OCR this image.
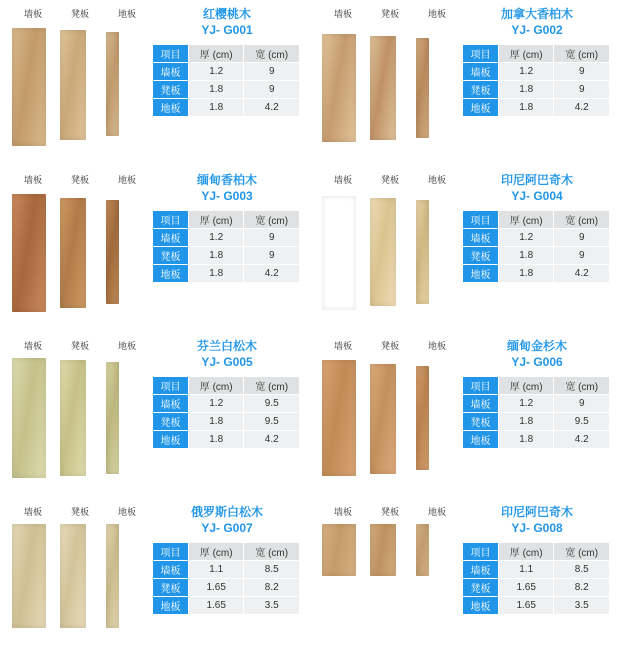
墙板	凳板	地板	红樱桃木
YJ- G001
项目	厚 (cm)	宽 (cm)
墙板	1.2	9
凳板	1.8	9
地板	1.8	4.2
墙板	凳板	地板	加拿大香柏木
YJ- G002
项目	厚 (cm)	宽 (cm)
墙板	1.2	9
凳板	1.8	9
地板	1.8	4.2
墙板	凳板	地板	缅甸香柏木
YJ- G003
项目	厚 (cm)	宽 (cm)
墙板	1.2	9
凳板	1.8	9
地板	1.8	4.2
墙板	凳板	地板	印尼阿巴奇木
YJ- G004
项目	厚 (cm)	宽 (cm)
墙板	1.2	9
凳板	1.8	9
地板	1.8	4.2
墙板	凳板	地板	芬兰白松木
YJ- G005
项目	厚 (cm)	宽 (cm)
墙板	1.2	9.5
凳板	1.8	9.5
地板	1.8	4.2
墙板	凳板	地板	缅甸金杉木
YJ- G006
项目	厚 (cm)	宽 (cm)
墙板	1.2	9
凳板	1.8	9.5
地板	1.8	4.2
墙板	凳板	地板	俄罗斯白松木
YJ- G007
项目	厚 (cm)	宽 (cm)
墙板	1.1	8.5
凳板	1.65	8.2
地板	1.65	3.5
墙板	凳板	地板	印尼阿巴奇木
YJ- G008
项目	厚 (cm)	宽 (cm)
墙板	1.1	8.5
凳板	1.65	8.2
地板	1.65	3.5
